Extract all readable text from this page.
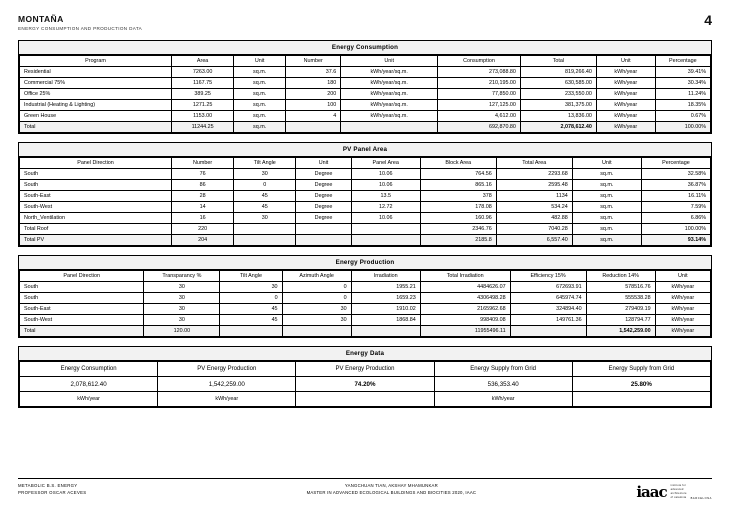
MONTAÑA
ENERGY CONSUMPTION AND PRODUCTION DATA
4
Energy Consumption
Program	Area	Unit	Number	Unit	Consumption	Total	Unit	Percentage
Residential	7263.00	sq.m.	37.6	kWh/year/sq.m.	273,088.80	819,266.40	kWh/year	39.41%
Commercial 75%	1167.75	sq.m.	180	kWh/year/sq.m.	210,195.00	630,585.00	kWh/year	30.34%
Office 25%	389.25	sq.m.	200	kWh/year/sq.m.	77,850.00	233,550.00	kWh/year	11.24%
Industrial (Heating & Lighting)	1271.25	sq.m.	100	kWh/year/sq.m.	127,125.00	381,375.00	kWh/year	18.35%
Green House	1153.00	sq.m.	4	kWh/year/sq.m.	4,612.00	13,836.00	kWh/year	0.67%
Total	11244.25	sq.m.			692,870.80	2,078,612.40	kWh/year	100.00%
PV Panel Area
Panel Direction	Number	Tilt Angle	Unit	Panel Area	Block Area	Total Area	Unit	Percentage
South	76	30	Degree	10.06	764.56	2293.68	sq.m.	32.58%
South	86	0	Degree	10.06	865.16	2595.48	sq.m.	36.87%
South-East	28	45	Degree	13.5	378	1134	sq.m.	16.11%
South-West	14	45	Degree	12.72	178.08	534.24	sq.m.	7.59%
North_Ventilation	16	30	Degree	10.06	160.96	482.88	sq.m.	6.86%
Total Roof	220				2346.76	7040.28	sq.m.	100.00%
Total PV	204				2185.8	6,557.40	sq.m.	93.14%
Energy Production
Panel Direction	Transparancy %	Tilt Angle	Azimuth Angle	Irradiation	Total Irradiation	Efficiency 15%	Reduction 14%	Unit
South	30	30	0	1955.21	4484626.07	672693.91	578516.76	kWh/year
South	30	0	0	1659.23	4306498.28	645974.74	555538.28	kWh/year
South-East	30	45	30	1910.02	2165962.68	324894.40	279409.19	kWh/year
South-West	30	45	30	1868.84	998409.08	149761.36	128794.77	kWh/year
Total	120.00				11955496.11		1,542,259.00	kWh/year
Energy Data
Energy Consumption	PV Energy Production	PV Energy Production	Energy Supply from Grid	Energy Supply from Grid
2,078,612.40	1,542,259.00	74.20%	536,353.40	25.80%
kWh/year	kWh/year		kWh/year	
METABOLIC B.S. ENERGY
PROFESSOR OSCAR ACEVES
YANGCHUAN TIAN, AKSHAY MHAMUNKAR
MASTER IN ADVANCED ECOLOGICAL BUILDINGS AND BIOCITIES 2020, IAAC	iaac institute for
advanced
architecture
of catalonia BARCELONA
